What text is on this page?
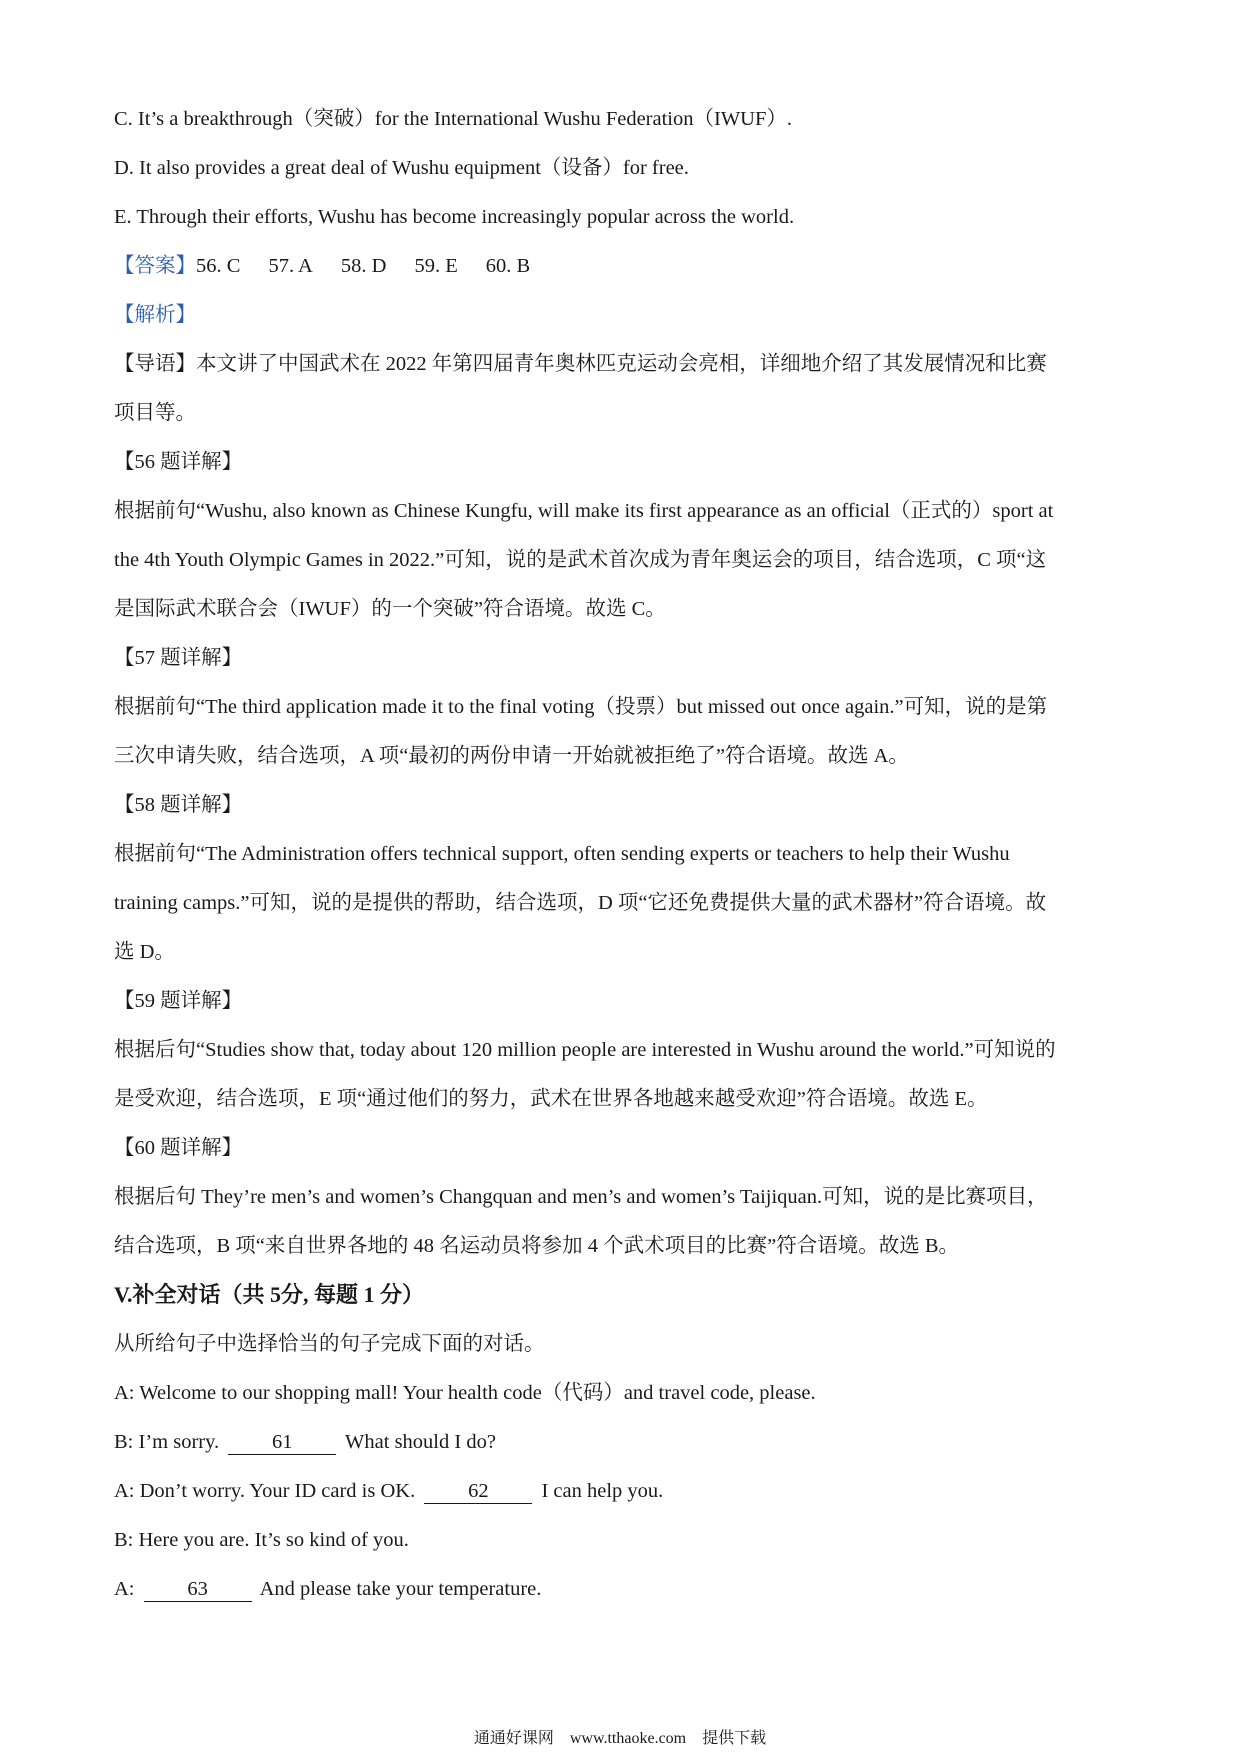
C. It’s a breakthrough（突破）for the International Wushu Federation（IWUF）.
D. It also provides a great deal of Wushu equipment（设备）for free.
E. Through their efforts, Wushu has become increasingly popular across the world.
【答案】56. C 57. A 58. D 59. E 60. B
【解析】
【导语】本文讲了中国武术在 2022 年第四届青年奥林匹克运动会亮相，详细地介绍了其发展情况和比赛
项目等。
【56 题详解】
根据前句“Wushu, also known as Chinese Kungfu, will make its first appearance as an official（正式的）sport at
the 4th Youth Olympic Games in 2022.”可知，说的是武术首次成为青年奥运会的项目，结合选项，C 项“这
是国际武术联合会（IWUF）的一个突破”符合语境。故选 C。
【57 题详解】
根据前句“The third application made it to the final voting（投票）but missed out once again.”可知，说的是第
三次申请失败，结合选项，A 项“最初的两份申请一开始就被拒绝了”符合语境。故选 A。
【58 题详解】
根据前句“The Administration offers technical support, often sending experts or teachers to help their Wushu
training camps.”可知，说的是提供的帮助，结合选项，D 项“它还免费提供大量的武术器材”符合语境。故
选 D。
【59 题详解】
根据后句“Studies show that, today about 120 million people are interested in Wushu around the world.”可知说的
是受欢迎，结合选项，E 项“通过他们的努力，武术在世界各地越来越受欢迎”符合语境。故选 E。
【60 题详解】
根据后句 They’re men’s and women’s Changquan and men’s and women’s Taijiquan.可知，说的是比赛项目，
结合选项，B 项“来自世界各地的 48 名运动员将参加 4 个武术项目的比赛”符合语境。故选 B。
V.补全对话（共 5分, 每题 1 分）
从所给句子中选择恰当的句子完成下面的对话。
A: Welcome to our shopping mall! Your health code（代码）and travel code, please.
B: I’m sorry.	61	What should I do?
A: Don’t worry. Your ID card is OK.	62	I can help you.
B: Here you are. It’s so kind of you.
A:	63	And please take your temperature.
通通好课网 www.tthaoke.com 提供下载
